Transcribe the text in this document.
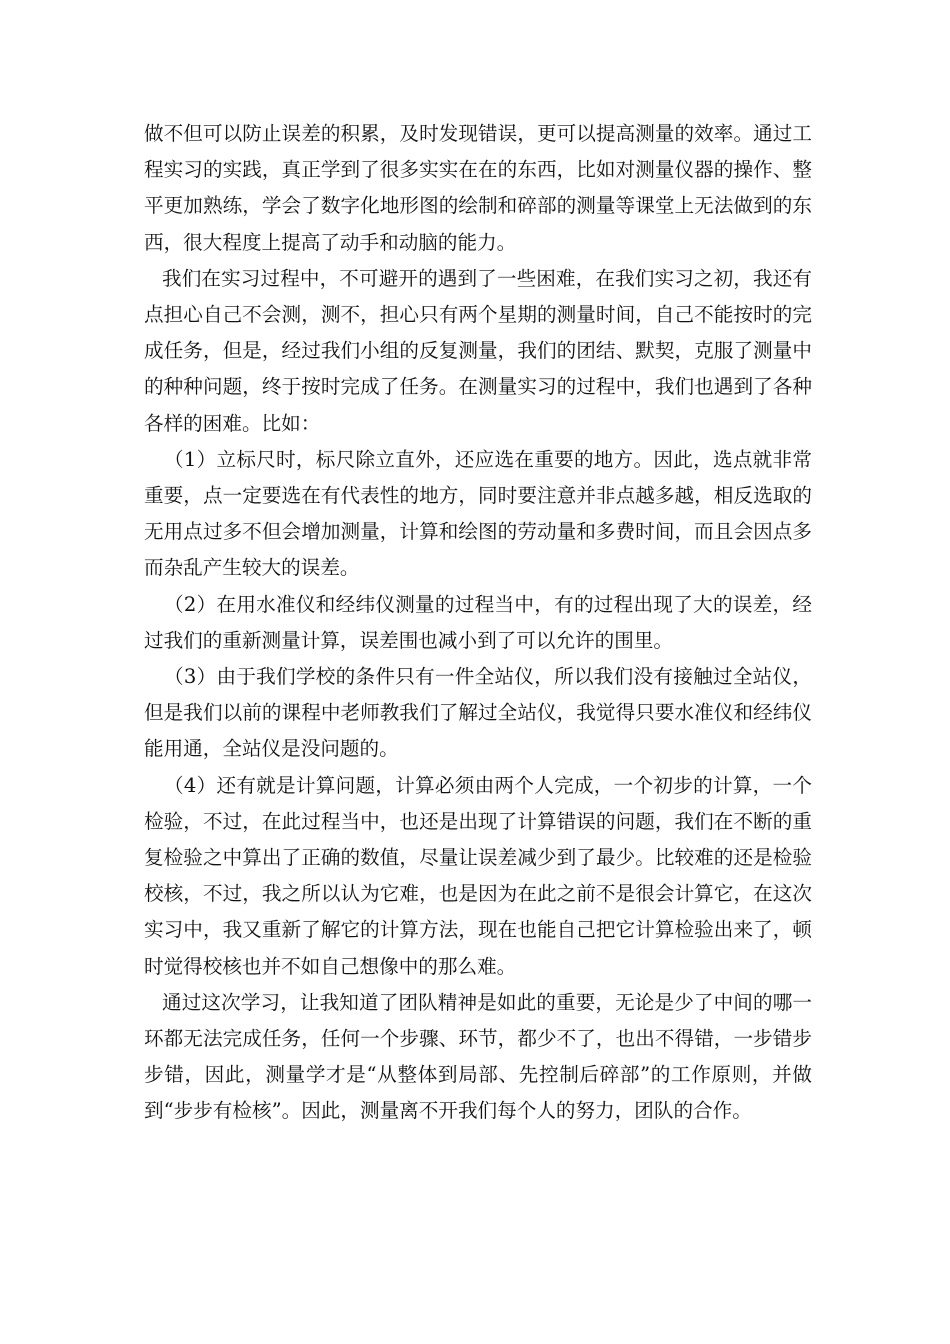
做不但可以防止误差的积累，及时发现错误，更可以提高测量的效率。通过工程实习的实践，真正学到了很多实实在在的东西，比如对测量仪器的操作、整平更加熟练，学会了数字化地形图的绘制和碎部的测量等课堂上无法做到的东西，很大程度上提高了动手和动脑的能力。

我们在实习过程中，不可避开的遇到了一些困难，在我们实习之初，我还有点担心自己不会测，测不，担心只有两个星期的测量时间，自己不能按时的完成任务，但是，经过我们小组的反复测量，我们的团结、默契，克服了测量中的种种问题，终于按时完成了任务。在测量实习的过程中，我们也遇到了各种各样的困难。比如：

（1）立标尺时，标尺除立直外，还应选在重要的地方。因此，选点就非常重要，点一定要选在有代表性的地方，同时要注意并非点越多越，相反选取的无用点过多不但会增加测量，计算和绘图的劳动量和多费时间，而且会因点多而杂乱产生较大的误差。

（2）在用水准仪和经纬仪测量的过程当中，有的过程出现了大的误差，经过我们的重新测量计算，误差围也减小到了可以允许的围里。

（3）由于我们学校的条件只有一件全站仪，所以我们没有接触过全站仪，但是我们以前的课程中老师教我们了解过全站仪，我觉得只要水准仪和经纬仪能用通，全站仪是没问题的。

（4）还有就是计算问题，计算必须由两个人完成，一个初步的计算，一个检验，不过，在此过程当中，也还是出现了计算错误的问题，我们在不断的重复检验之中算出了正确的数值，尽量让误差减少到了最少。比较难的还是检验校核，不过，我之所以认为它难，也是因为在此之前不是很会计算它，在这次实习中，我又重新了解它的计算方法，现在也能自己把它计算检验出来了，顿时觉得校核也并不如自己想像中的那么难。

通过这次学习，让我知道了团队精神是如此的重要，无论是少了中间的哪一环都无法完成任务，任何一个步骤、环节，都少不了，也出不得错，一步错步步错，因此，测量学才是“从整体到局部、先控制后碎部”的工作原则，并做到“步步有检核”。因此，测量离不开我们每个人的努力，团队的合作。
